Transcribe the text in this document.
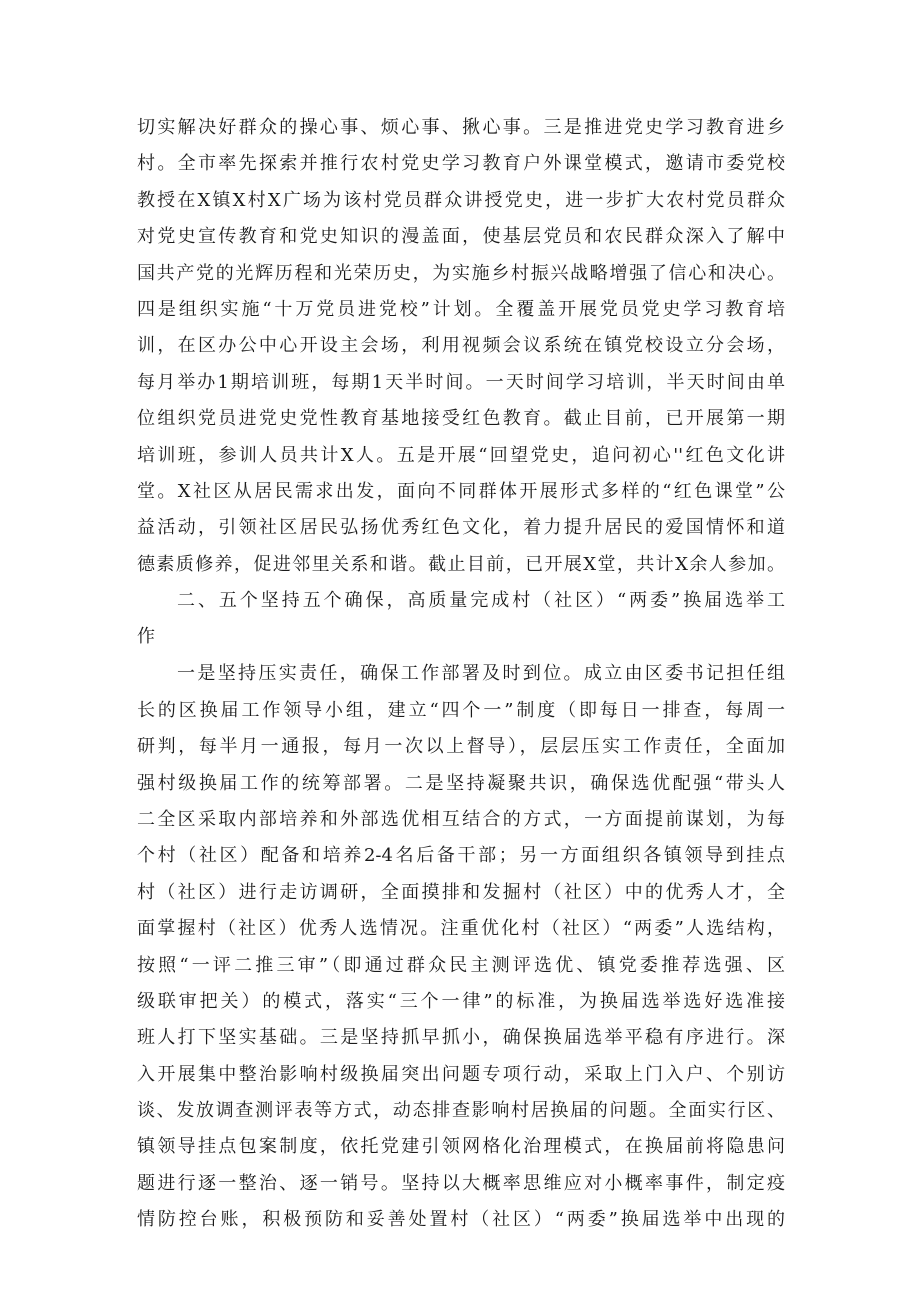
切实解决好群众的操心事、烦心事、揪心事。三是推进党史学习教育进乡
村。全市率先探索并推行农村党史学习教育户外课堂模式，邀请市委党校
教授在X镇X村X广场为该村党员群众讲授党史，进一步扩大农村党员群众
对党史宣传教育和党史知识的漫盖面，使基层党员和农民群众深入了解中
国共产党的光辉历程和光荣历史，为实施乡村振兴战略增强了信心和决心。
四是组织实施“十万党员进党校”计划。全覆盖开展党员党史学习教育培
训，在区办公中心开设主会场，利用视频会议系统在镇党校设立分会场，
每月举办1期培训班，每期1天半时间。一天时间学习培训，半天时间由单
位组织党员进党史党性教育基地接受红色教育。截止目前，已开展第一期
培训班，参训人员共计X人。五是开展“回望党史，追问初心''红色文化讲
堂。X社区从居民需求出发，面向不同群体开展形式多样的“红色课堂”公
益活动，引领社区居民弘扬优秀红色文化，着力提升居民的爱国情怀和道
德素质修养，促进邻里关系和谐。截止目前，已开展X堂，共计X余人参加。
二、五个坚持五个确保，高质量完成村（社区）“两委”换届选举工
作
一是坚持压实责任，确保工作部署及时到位。成立由区委书记担任组
长的区换届工作领导小组，建立“四个一”制度（即每日一排查，每周一
研判，每半月一通报，每月一次以上督导），层层压实工作责任，全面加
强村级换届工作的统筹部署。二是坚持凝聚共识，确保选优配强“带头人
二全区采取内部培养和外部选优相互结合的方式，一方面提前谋划，为每
个村（社区）配备和培养2-4名后备干部；另一方面组织各镇领导到挂点
村（社区）进行走访调研，全面摸排和发掘村（社区）中的优秀人才，全
面掌握村（社区）优秀人选情况。注重优化村（社区）“两委”人选结构，
按照“一评二推三审”（即通过群众民主测评选优、镇党委推荐选强、区
级联审把关）的模式，落实“三个一律”的标准，为换届选举选好选准接
班人打下坚实基础。三是坚持抓早抓小，确保换届选举平稳有序进行。深
入开展集中整治影响村级换届突出问题专项行动，采取上门入户、个别访
谈、发放调查测评表等方式，动态排查影响村居换届的问题。全面实行区、
镇领导挂点包案制度，依托党建引领网格化治理模式，在换届前将隐患问
题进行逐一整治、逐一销号。坚持以大概率思维应对小概率事件，制定疫
情防控台账，积极预防和妥善处置村（社区）“两委”换届选举中出现的
